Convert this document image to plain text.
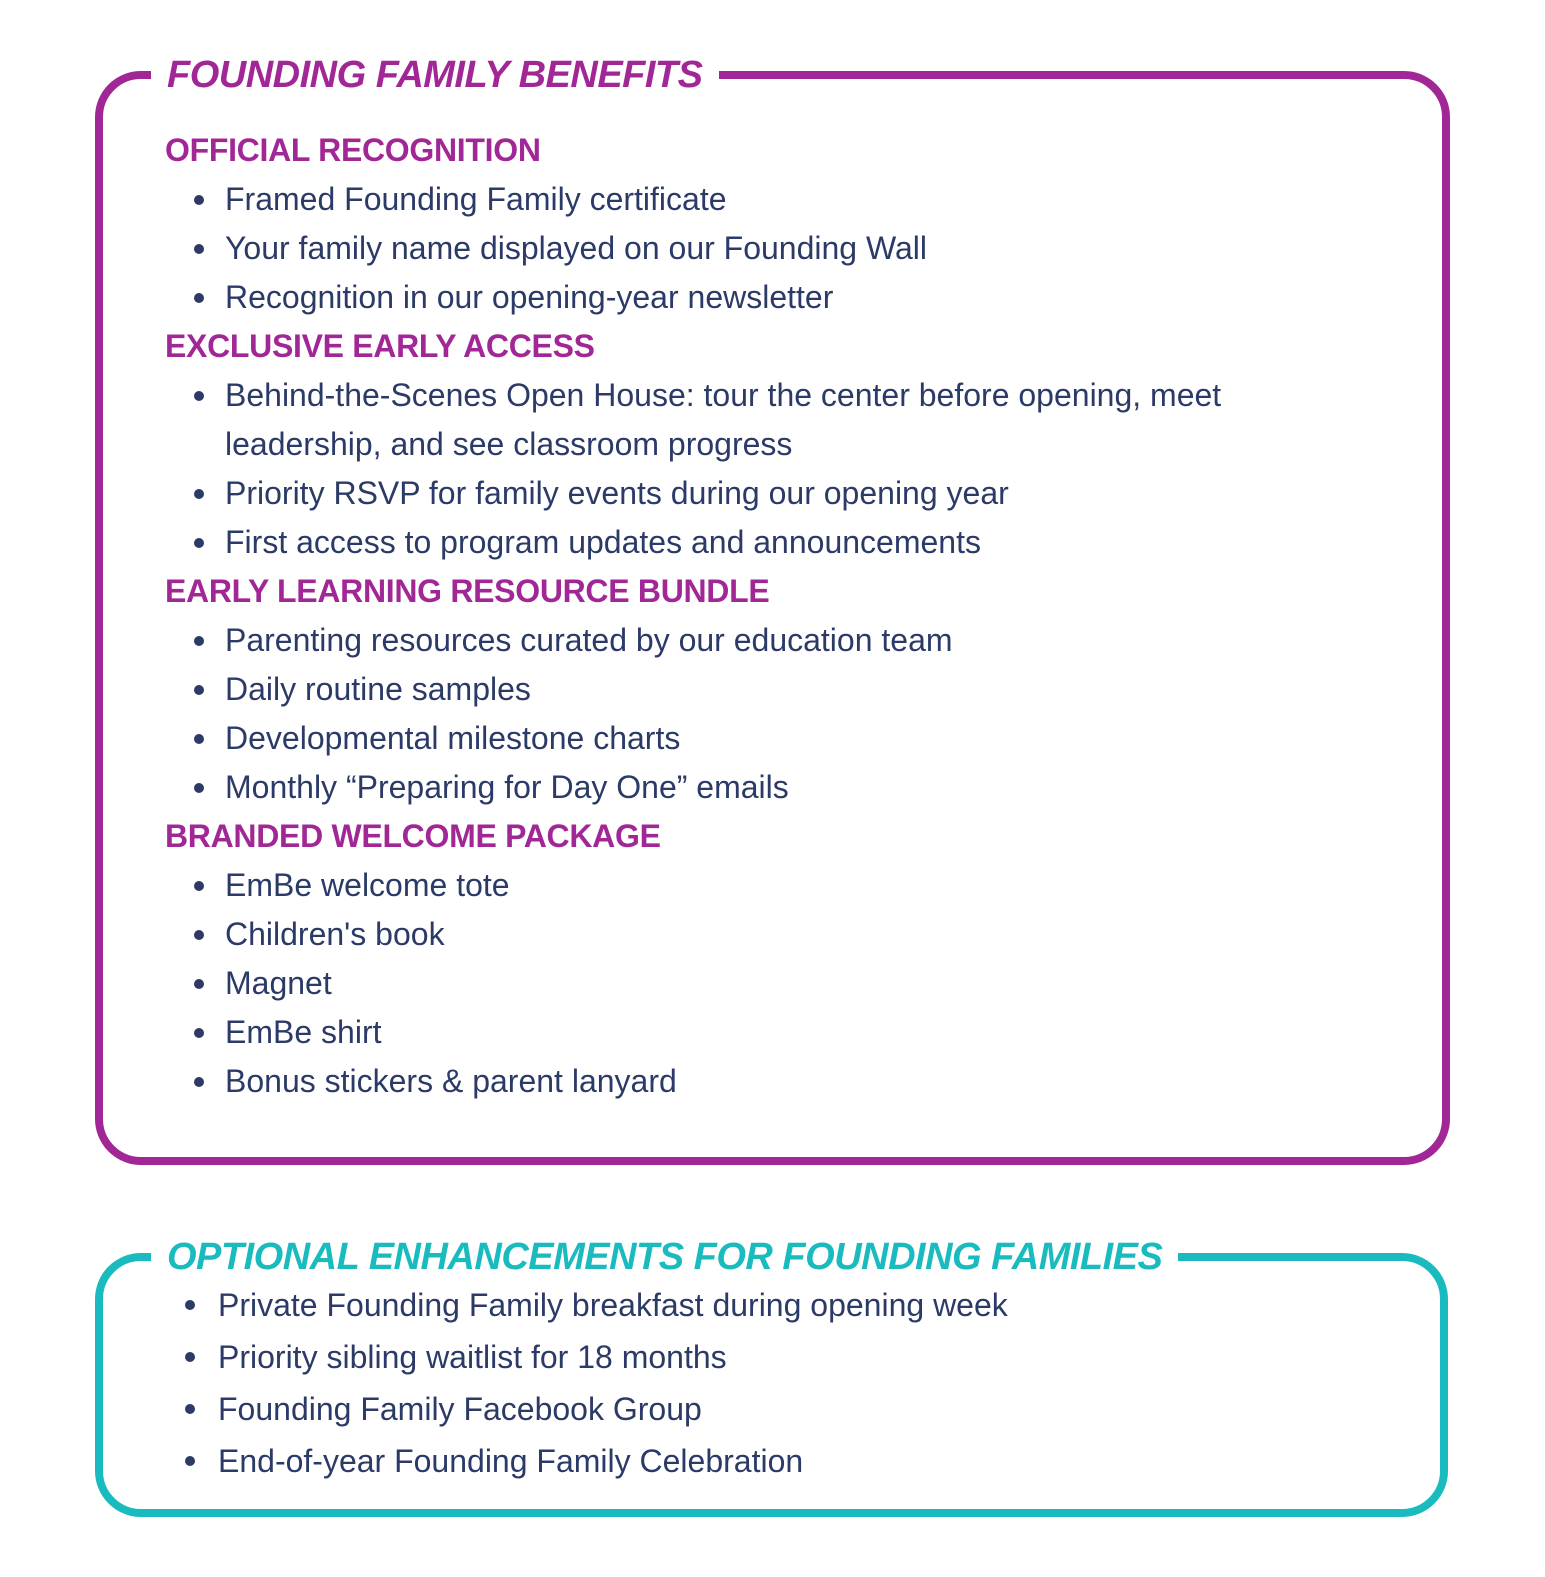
FOUNDING FAMILY BENEFITS
OFFICIAL RECOGNITION
Framed Founding Family certificate
Your family name displayed on our Founding Wall
Recognition in our opening-year newsletter
EXCLUSIVE EARLY ACCESS
Behind-the-Scenes Open House: tour the center before opening, meet leadership, and see classroom progress
Priority RSVP for family events during our opening year
First access to program updates and announcements
EARLY LEARNING RESOURCE BUNDLE
Parenting resources curated by our education team
Daily routine samples
Developmental milestone charts
Monthly “Preparing for Day One” emails
BRANDED WELCOME PACKAGE
EmBe welcome tote
Children's book
Magnet
EmBe shirt
Bonus stickers & parent lanyard
OPTIONAL ENHANCEMENTS FOR FOUNDING FAMILIES
Private Founding Family breakfast during opening week
Priority sibling waitlist for 18 months
Founding Family Facebook Group
End-of-year Founding Family Celebration
